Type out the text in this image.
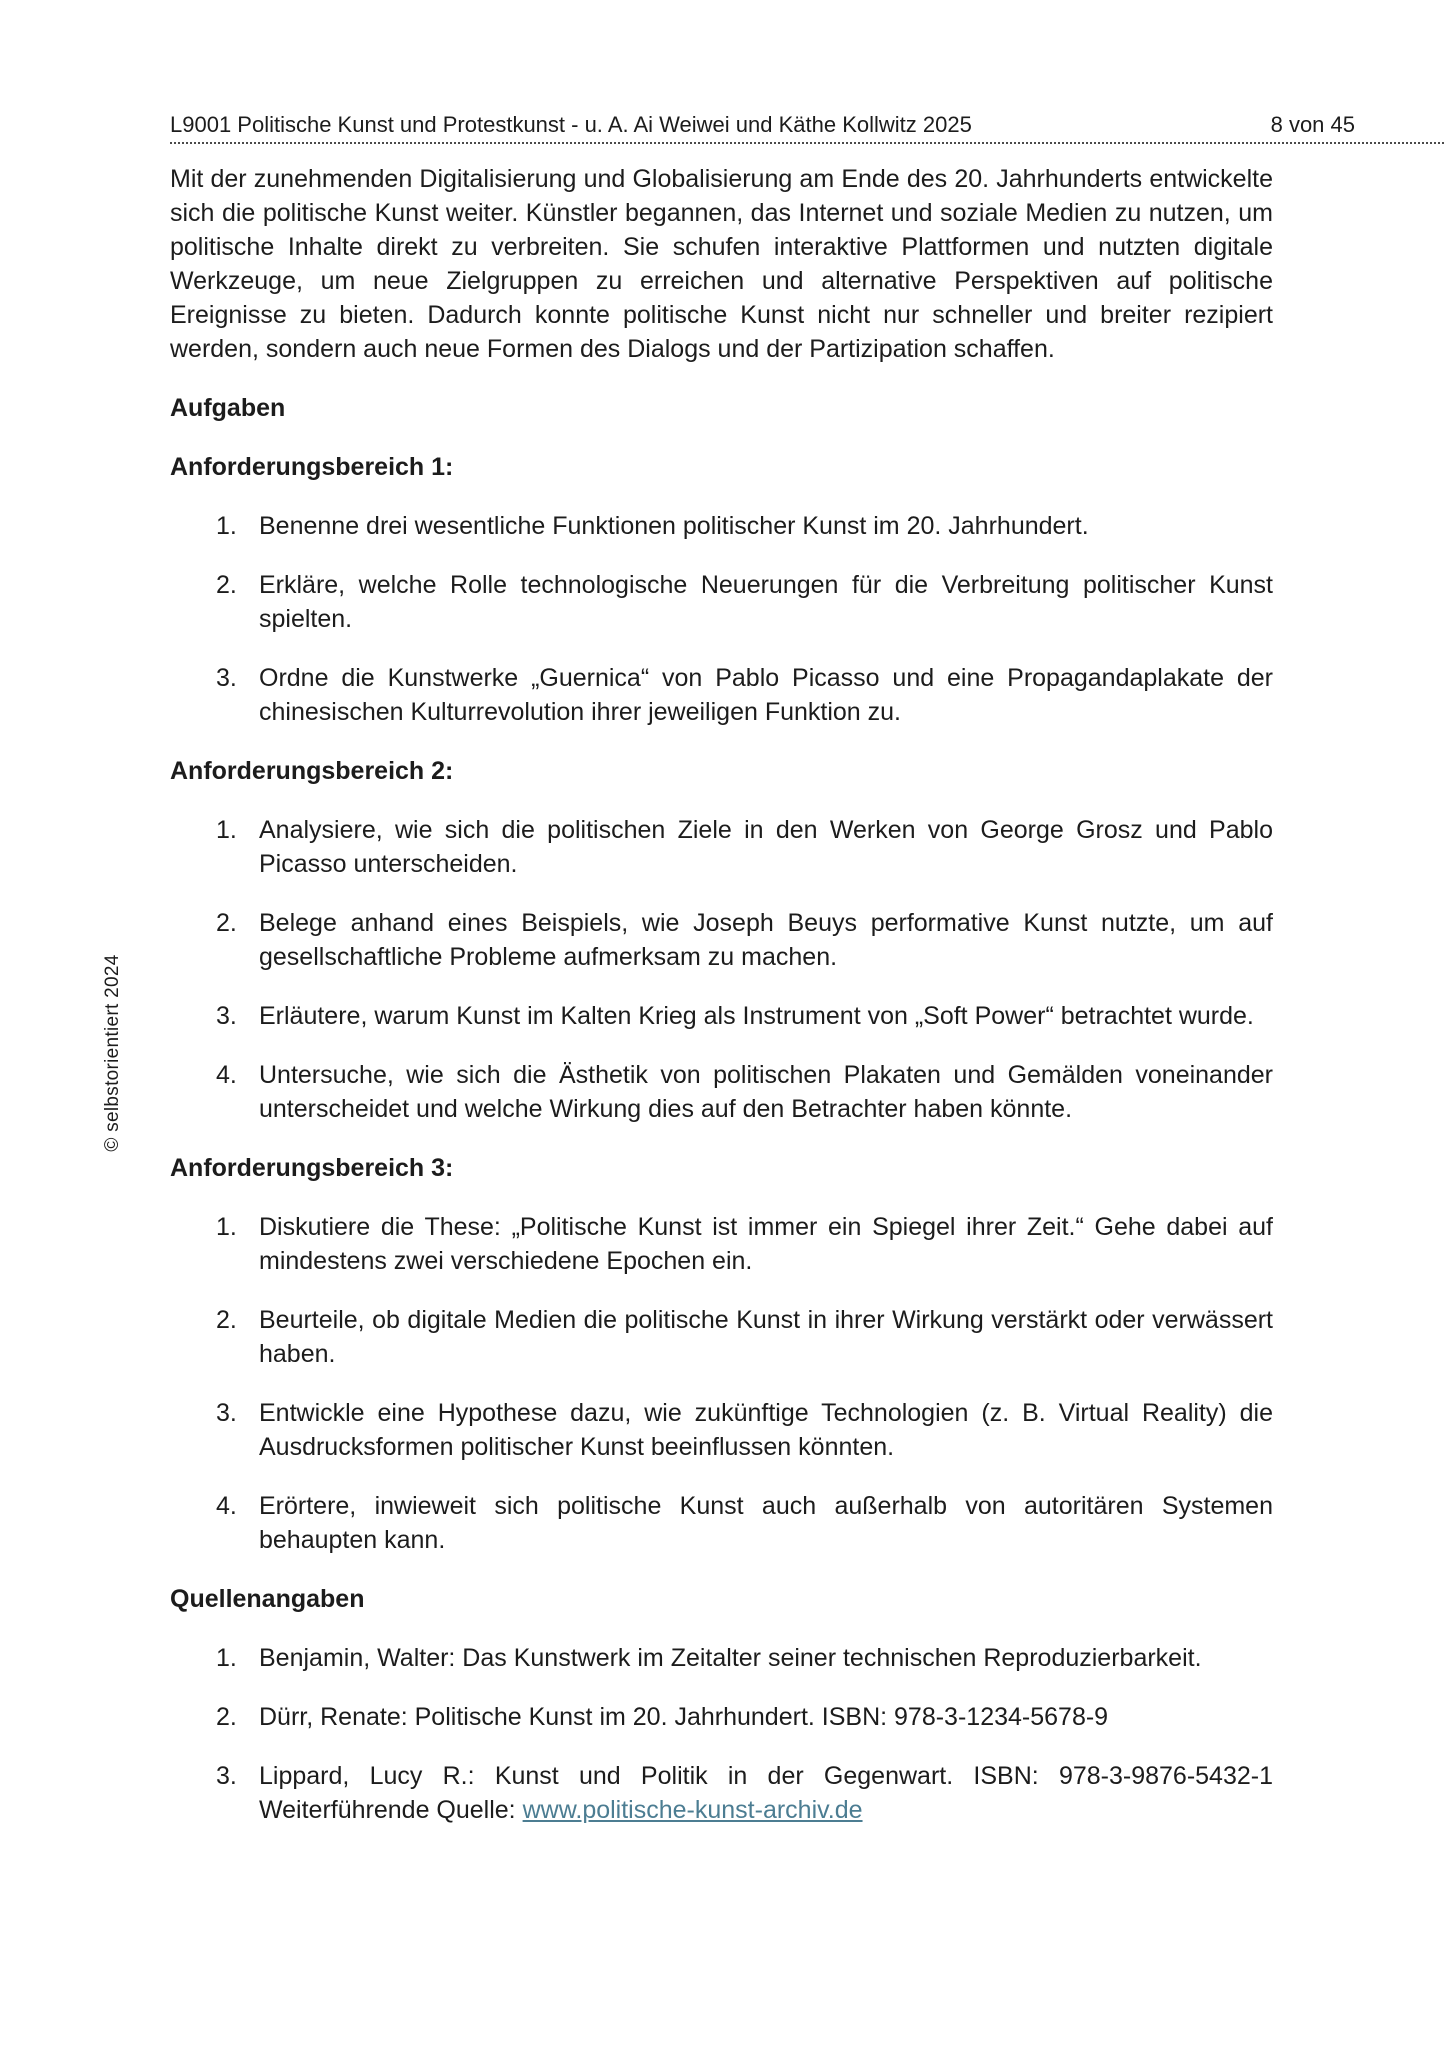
L9001 Politische Kunst und Protestkunst - u. A. Ai Weiwei und Käthe Kollwitz 2025	8 von 45
© selbstorientiert 2024

Mit der zunehmenden Digitalisierung und Globalisierung am Ende des 20. Jahrhunderts entwickelte sich die politische Kunst weiter. Künstler begannen, das Internet und soziale Medien zu nutzen, um politische Inhalte direkt zu verbreiten. Sie schufen interaktive Plattformen und nutzten digitale Werkzeuge, um neue Zielgruppen zu erreichen und alternative Perspektiven auf politische Ereignisse zu bieten. Dadurch konnte politische Kunst nicht nur schneller und breiter rezipiert werden, sondern auch neue Formen des Dialogs und der Partizipation schaffen.

Aufgaben
Anforderungsbereich 1:
1. Benenne drei wesentliche Funktionen politischer Kunst im 20. Jahrhundert.
2. Erkläre, welche Rolle technologische Neuerungen für die Verbreitung politischer Kunst spielten.
3. Ordne die Kunstwerke „Guernica“ von Pablo Picasso und eine Propagandaplakate der chinesischen Kulturrevolution ihrer jeweiligen Funktion zu.
Anforderungsbereich 2:
1. Analysiere, wie sich die politischen Ziele in den Werken von George Grosz und Pablo Picasso unterscheiden.
2. Belege anhand eines Beispiels, wie Joseph Beuys performative Kunst nutzte, um auf gesellschaftliche Probleme aufmerksam zu machen.
3. Erläutere, warum Kunst im Kalten Krieg als Instrument von „Soft Power“ betrachtet wurde.
4. Untersuche, wie sich die Ästhetik von politischen Plakaten und Gemälden voneinander unterscheidet und welche Wirkung dies auf den Betrachter haben könnte.
Anforderungsbereich 3:
1. Diskutiere die These: „Politische Kunst ist immer ein Spiegel ihrer Zeit.“ Gehe dabei auf mindestens zwei verschiedene Epochen ein.
2. Beurteile, ob digitale Medien die politische Kunst in ihrer Wirkung verstärkt oder verwässert haben.
3. Entwickle eine Hypothese dazu, wie zukünftige Technologien (z. B. Virtual Reality) die Ausdrucksformen politischer Kunst beeinflussen könnten.
4. Erörtere, inwieweit sich politische Kunst auch außerhalb von autoritären Systemen behaupten kann.
Quellenangaben
1. Benjamin, Walter: Das Kunstwerk im Zeitalter seiner technischen Reproduzierbarkeit.
2. Dürr, Renate: Politische Kunst im 20. Jahrhundert. ISBN: 978-3-1234-5678-9
3. Lippard, Lucy R.: Kunst und Politik in der Gegenwart. ISBN: 978-3-9876-5432-1
Weiterführende Quelle: www.politische-kunst-archiv.de
